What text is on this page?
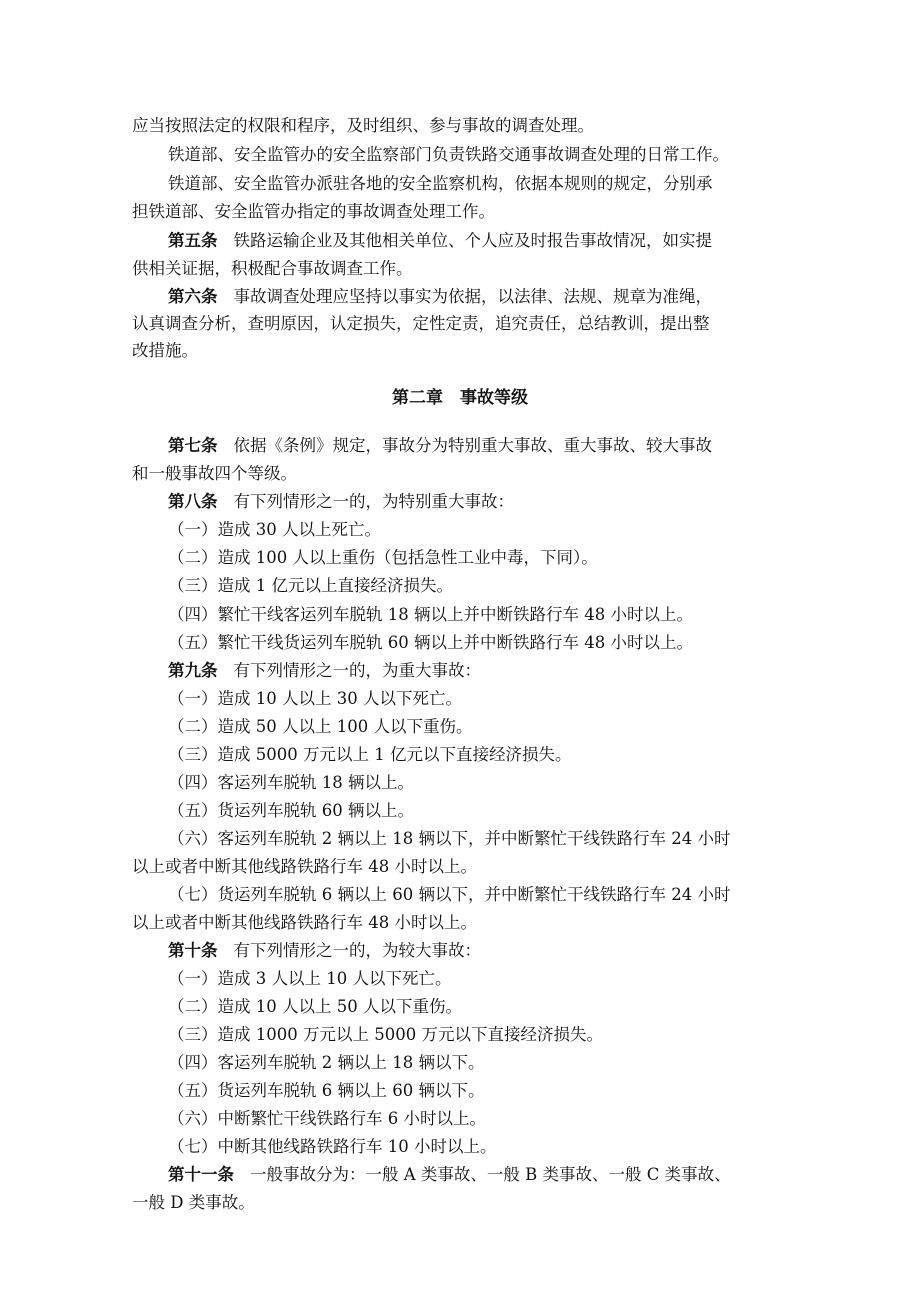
应当按照法定的权限和程序，及时组织、参与事故的调查处理。
铁道部、安全监管办的安全监察部门负责铁路交通事故调查处理的日常工作。
铁道部、安全监管办派驻各地的安全监察机构，依据本规则的规定，分别承
担铁道部、安全监管办指定的事故调查处理工作。
第五条 铁路运输企业及其他相关单位、个人应及时报告事故情况，如实提
供相关证据，积极配合事故调查工作。
第六条 事故调查处理应坚持以事实为依据，以法律、法规、规章为准绳，
认真调查分析，查明原因，认定损失，定性定责，追究责任，总结教训，提出整
改措施。
第二章　事故等级
第七条 依据《条例》规定，事故分为特别重大事故、重大事故、较大事故
和一般事故四个等级。
第八条 有下列情形之一的，为特别重大事故：
（一）造成 30 人以上死亡。
（二）造成 100 人以上重伤（包括急性工业中毒，下同）。
（三）造成 1 亿元以上直接经济损失。
（四）繁忙干线客运列车脱轨 18 辆以上并中断铁路行车 48 小时以上。
（五）繁忙干线货运列车脱轨 60 辆以上并中断铁路行车 48 小时以上。
第九条 有下列情形之一的，为重大事故：
（一）造成 10 人以上 30 人以下死亡。
（二）造成 50 人以上 100 人以下重伤。
（三）造成 5000 万元以上 1 亿元以下直接经济损失。
（四）客运列车脱轨 18 辆以上。
（五）货运列车脱轨 60 辆以上。
（六）客运列车脱轨 2 辆以上 18 辆以下，并中断繁忙干线铁路行车 24 小时
以上或者中断其他线路铁路行车 48 小时以上。
（七）货运列车脱轨 6 辆以上 60 辆以下，并中断繁忙干线铁路行车 24 小时
以上或者中断其他线路铁路行车 48 小时以上。
第十条 有下列情形之一的，为较大事故：
（一）造成 3 人以上 10 人以下死亡。
（二）造成 10 人以上 50 人以下重伤。
（三）造成 1000 万元以上 5000 万元以下直接经济损失。
（四）客运列车脱轨 2 辆以上 18 辆以下。
（五）货运列车脱轨 6 辆以上 60 辆以下。
（六）中断繁忙干线铁路行车 6 小时以上。
（七）中断其他线路铁路行车 10 小时以上。
第十一条 一般事故分为：一般 A 类事故、一般 B 类事故、一般 C 类事故、
一般 D 类事故。
